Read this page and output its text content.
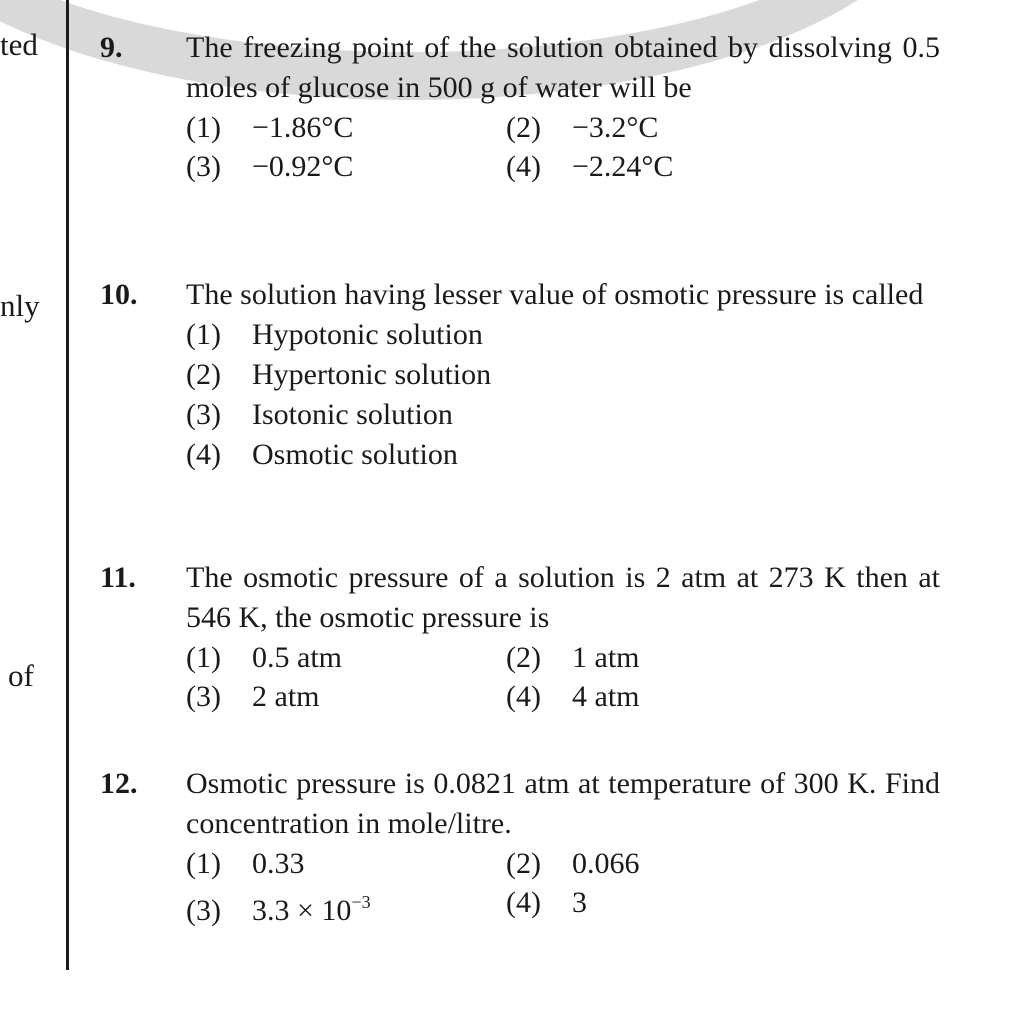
ted
nly
of
9. The freezing point of the solution obtained by dissolving 0.5 moles of glucose in 500 g of water will be
(1) −1.86°C	(2) −3.2°C
(3) −0.92°C	(4) −2.24°C
10. The solution having lesser value of osmotic pressure is called
(1) Hypotonic solution
(2) Hypertonic solution
(3) Isotonic solution
(4) Osmotic solution
11. The osmotic pressure of a solution is 2 atm at 273 K then at 546 K, the osmotic pressure is
(1) 0.5 atm	(2) 1 atm
(3) 2 atm	(4) 4 atm
12. Osmotic pressure is 0.0821 atm at temperature of 300 K. Find concentration in mole/litre.
(1) 0.33	(2) 0.066
(3) $3.3 \times 10^{-3}$	(4) 3
